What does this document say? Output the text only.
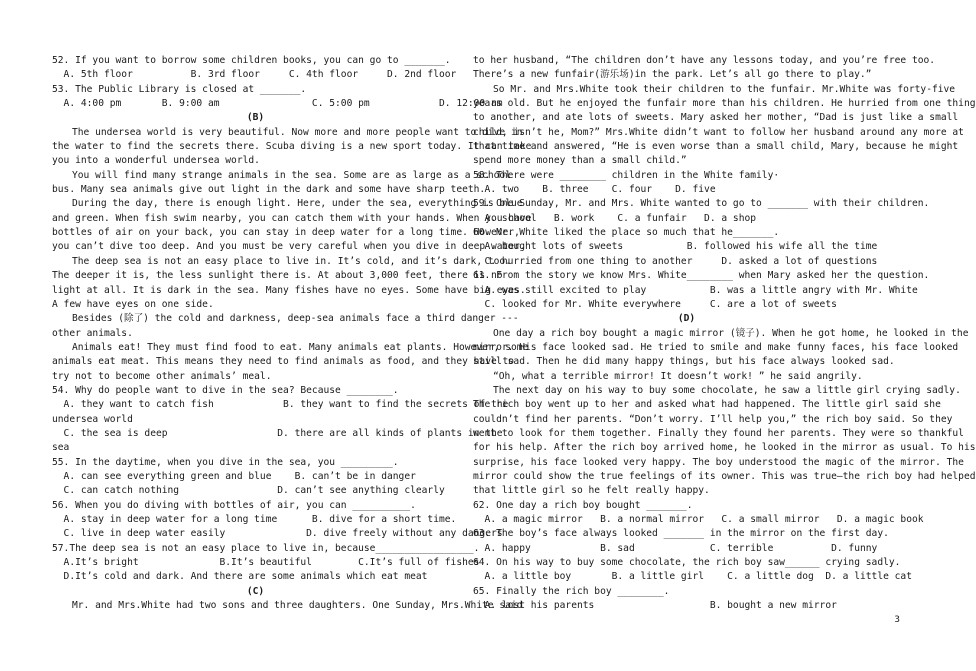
52. If you want to borrow some children books, you can go to _______.
A. 5th floor          B. 3rd floor     C. 4th floor     D. 2nd floor
53. The Public Library is closed at _______.
A. 4:00 pm       B. 9:00 am                C. 5:00 pm            D. 12:00 am
(B)
The undersea world is very beautiful. Now more and more people want to dive in
the water to find the secrets there. Scuba diving is a new sport today. It can take
you into a wonderful undersea world.
You will find many strange animals in the sea. Some are as large as a school
bus. Many sea animals give out light in the dark and some have sharp teeth.
During the day, there is enough light. Here, under the sea, everything is blue
and green. When fish swim nearby, you can catch them with your hands. When you have
bottles of air on your back, you can stay in deep water for a long time. However,
you can’t dive too deep. And you must be very careful when you dive in deep water.
The deep sea is not an easy place to live in. It’s cold, and it’s dark, too.
The deeper it is, the less sunlight there is. At about 3,000 feet, there is no
light at all. It is dark in the sea. Many fishes have no eyes. Some have big eyes.
A few have eyes on one side.
Besides (除了) the cold and darkness, deep-sea animals face a third danger ---
other animals.
Animals eat! They must find food to eat. Many animals eat plants. However, some
animals eat meat. This means they need to find animals as food, and they have to
try not to become other animals’ meal.
54. Why do people want to dive in the sea? Because ________.
A. they want to catch fish            B. they want to find the secrets of the
undersea world
C. the sea is deep                   D. there are all kinds of plants in the
sea
55. In the daytime, when you dive in the sea, you _________.
A. can see everything green and blue    B. can’t be in danger
C. can catch nothing                 D. can’t see anything clearly
56. When you do diving with bottles of air, you can __________.
A. stay in deep water for a long time      B. dive for a short time.
C. live in deep water easily              D. dive freely without any dangers
57.The deep sea is not an easy place to live in, because_________________.
A.It’s bright              B.It’s beautiful        C.It’s full of fishes
D.It’s cold and dark. And there are some animals which eat meat
(C)
Mr. and Mrs.White had two sons and three daughters. One Sunday, Mrs.White said
to her husband, “The children don’t have any lessons today, and you’re free too.
There’s a new funfair(游乐场)in the park. Let’s all go there to play.”
So Mr. and Mrs.White took their children to the funfair. Mr.White was forty-five
years old. But he enjoyed the funfair more than his children. He hurried from one thing
to another, and ate lots of sweets. Mary asked her mother, “Dad is just like a small
child, isn’t he, Mom?” Mrs.White didn’t want to follow her husband around any more at
that time and answered, “He is even worse than a small child, Mary, because he might
spend more money than a small child.”
58. There were ________ children in the White family·
A. two    B. three    C. four    D. five
59. One Sunday, Mr. and Mrs. White wanted to go to _______ with their children.
A. school   B. work    C. a funfair   D. a shop
60. Mr. White liked the place so much that he_______.
A. bought lots of sweets           B. followed his wife all the time
C. hurried from one thing to another     D. asked a lot of questions
61. From the story we know Mrs. White________ when Mary asked her the question.
A. was still excited to play           B. was a little angry with Mr. White
C. looked for Mr. White everywhere     C. are a lot of sweets
(D)
One day a rich boy bought a magic mirror (镜子). When he got home, he looked in the
mirror. His face looked sad. He tried to smile and make funny faces, his face looked
still sad. Then he did many happy things, but his face always looked sad.
“Oh, what a terrible mirror! It doesn’t work! ” he said angrily.
The next day on his way to buy some chocolate, he saw a little girl crying sadly.
The rich boy went up to her and asked what had happened. The little girl said she
couldn’t find her parents. “Don’t worry. I’ll help you,” the rich boy said. So they
went to look for them together. Finally they found her parents. They were so thankful
for his help. After the rich boy arrived home, he looked in the mirror as usual. To his
surprise, his face looked very happy. The boy understood the magic of the mirror. The
mirror could show the true feelings of its owner. This was true—the rich boy had helped
that little girl so he felt really happy.
62. One day a rich boy bought _______.
A. a magic mirror   B. a normal mirror   C. a small mirror   D. a magic book
63. The boy’s face always looked _______ in the mirror on the first day.
A. happy            B. sad             C. terrible          D. funny
64. On his way to buy some chocolate, the rich boy saw______ crying sadly.
A. a little boy       B. a little girl    C. a little dog  D. a little cat
65. Finally the rich boy ________.
A. lost his parents                    B. bought a new mirror
3
